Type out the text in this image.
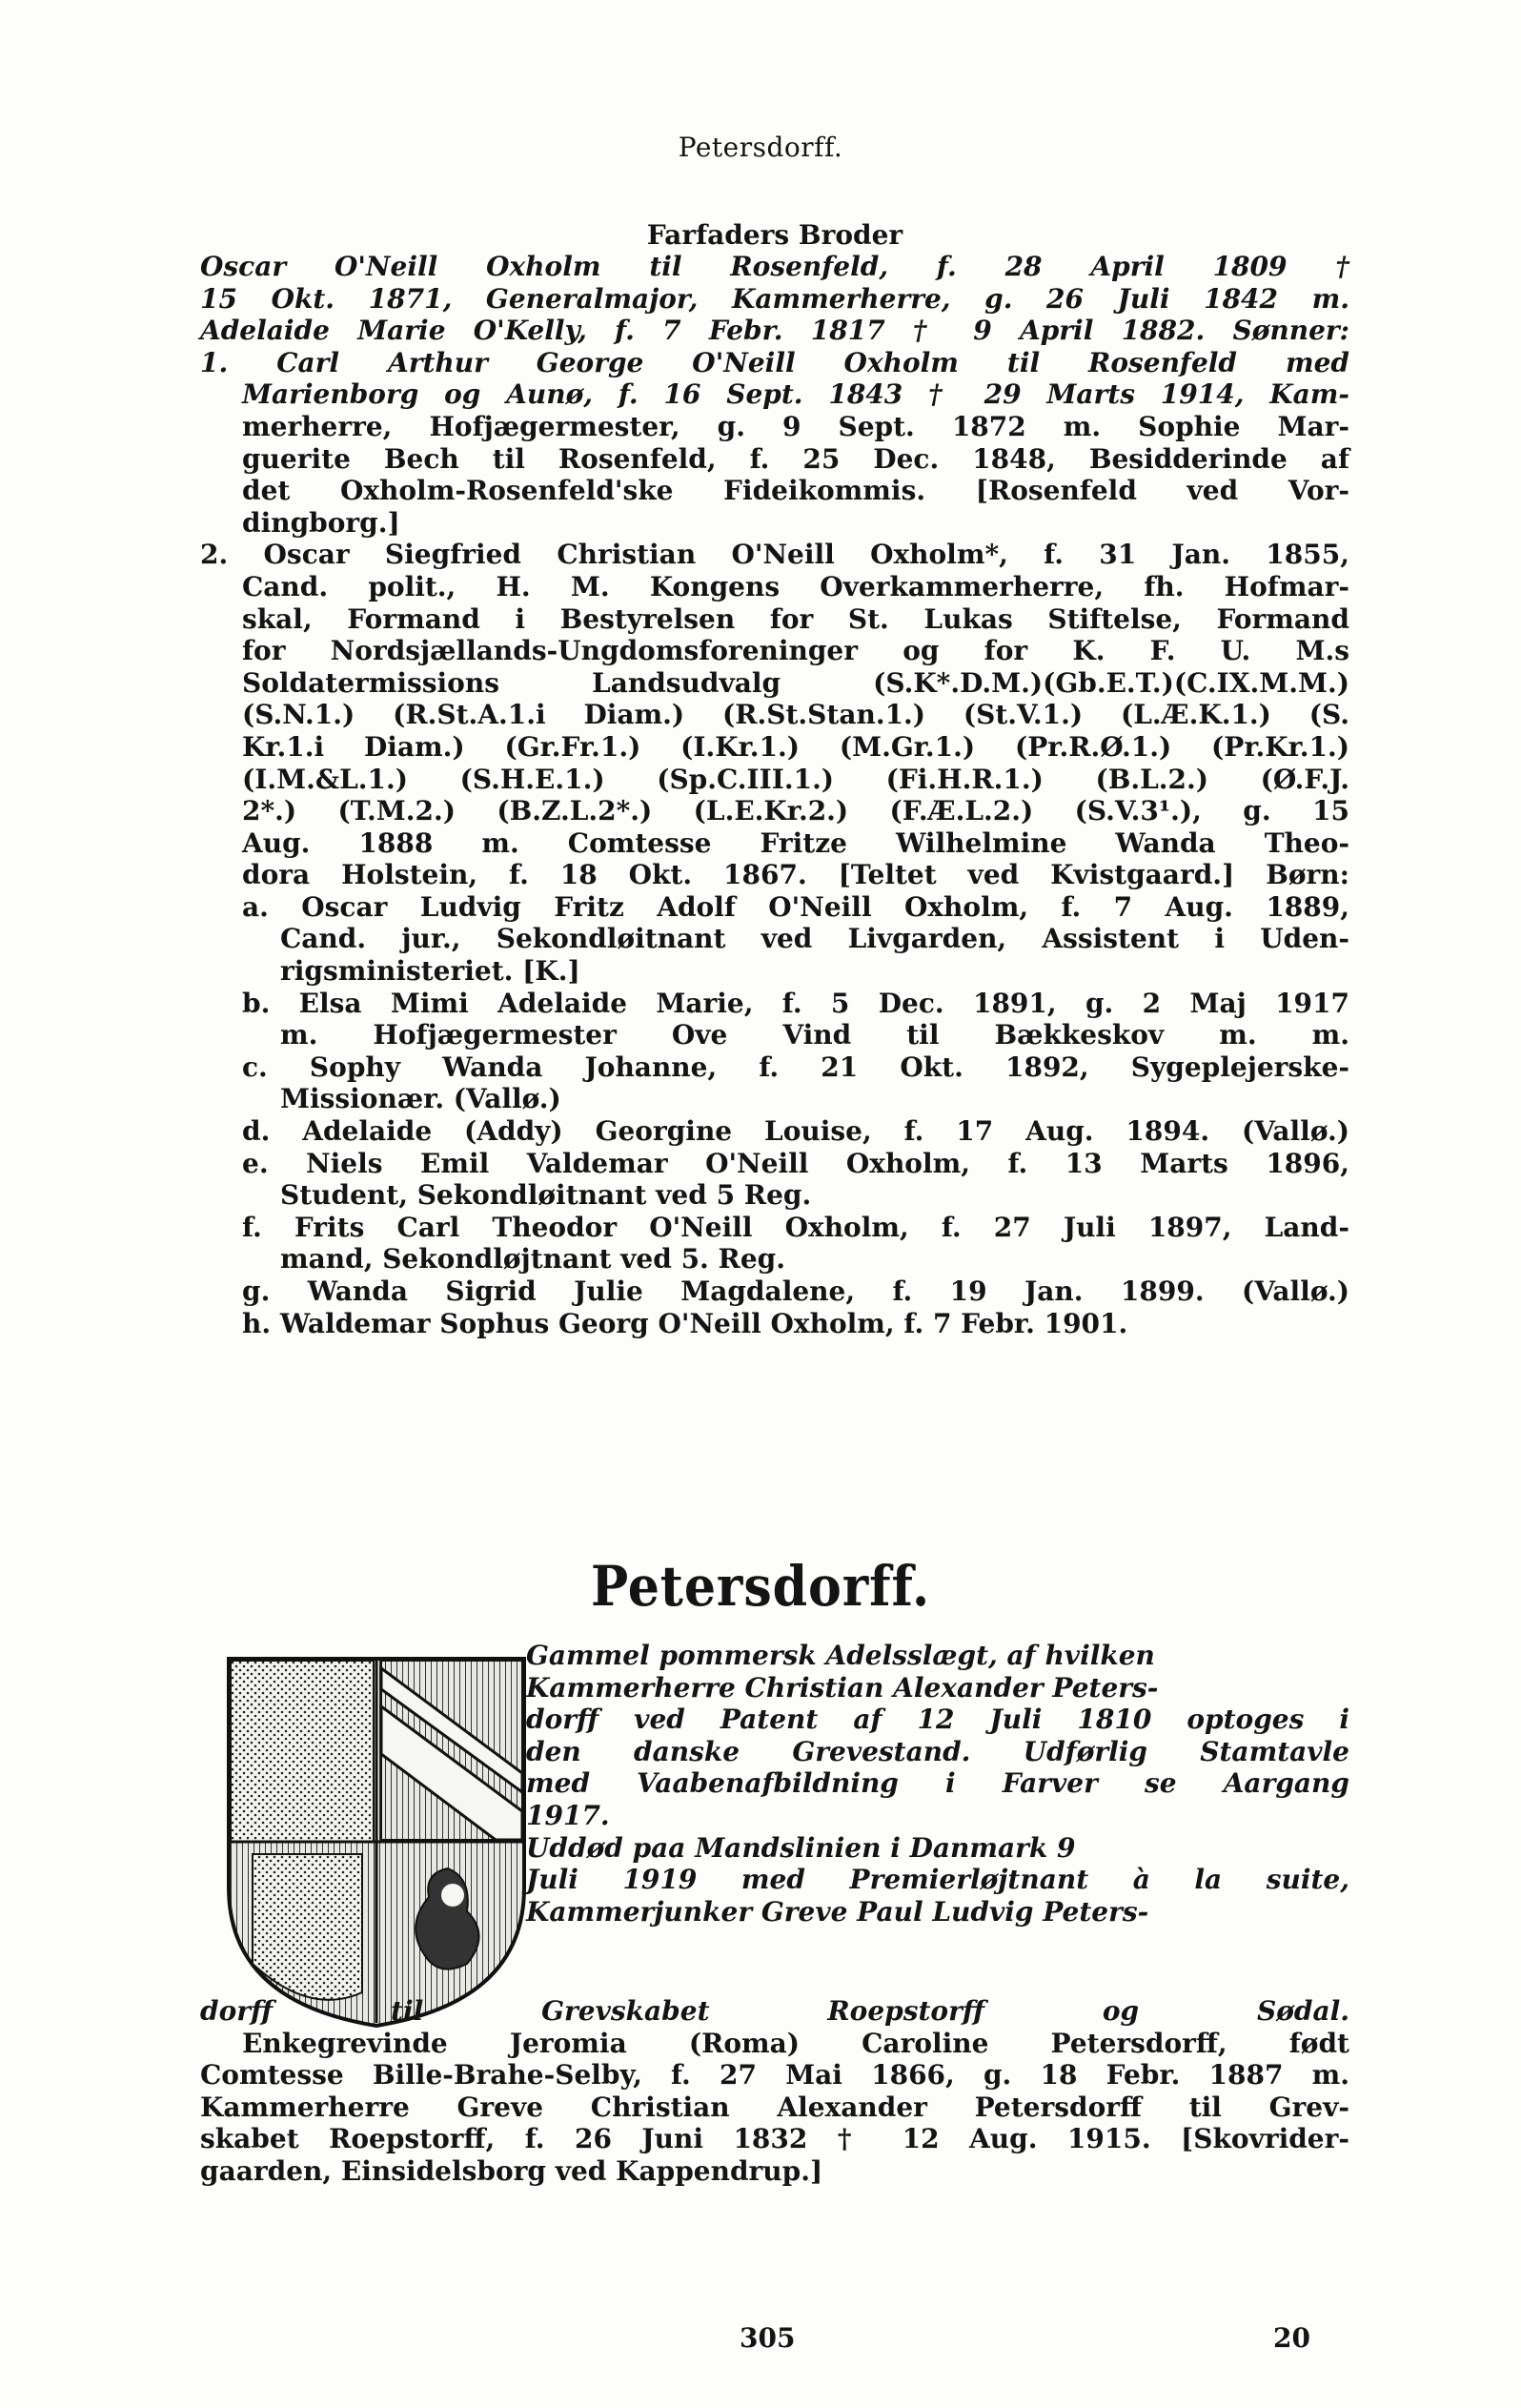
Petersdorff.
Farfaders Broder
Oscar O'Neill Oxholm til Rosenfeld, f. 28 April 1809 †
15 Okt. 1871, Generalmajor, Kammerherre, g. 26 Juli 1842 m.
Adelaide Marie O'Kelly, f. 7 Febr. 1817 † 9 April 1882. Sønner:
1. Carl Arthur George O'Neill Oxholm til Rosenfeld med
Marienborg og Aunø, f. 16 Sept. 1843 † 29 Marts 1914, Kam-
merherre, Hofjægermester, g. 9 Sept. 1872 m. Sophie Mar-
guerite Bech til Rosenfeld, f. 25 Dec. 1848, Besidderinde af
det Oxholm-Rosenfeld'ske Fideikommis. [Rosenfeld ved Vor-
dingborg.]
2. Oscar Siegfried Christian O'Neill Oxholm*, f. 31 Jan. 1855,
Cand. polit., H. M. Kongens Overkammerherre, fh. Hofmar-
skal, Formand i Bestyrelsen for St. Lukas Stiftelse, Formand
for Nordsjællands-Ungdomsforeninger og for K. F. U. M.s
Soldatermissions Landsudvalg (S.K*.D.M.)(Gb.E.T.)(C.IX.M.M.)
(S.N.1.) (R.St.A.1.i Diam.) (R.St.Stan.1.) (St.V.1.) (L.Æ.K.1.) (S.
Kr.1.i Diam.) (Gr.Fr.1.) (I.Kr.1.) (M.Gr.1.) (Pr.R.Ø.1.) (Pr.Kr.1.)
(I.M.&L.1.) (S.H.E.1.) (Sp.C.III.1.) (Fi.H.R.1.) (B.L.2.) (Ø.F.J.
2*.) (T.M.2.) (B.Z.L.2*.) (L.E.Kr.2.) (F.Æ.L.2.) (S.V.3¹.), g. 15
Aug. 1888 m. Comtesse Fritze Wilhelmine Wanda Theo-
dora Holstein, f. 18 Okt. 1867. [Teltet ved Kvistgaard.] Børn:
a. Oscar Ludvig Fritz Adolf O'Neill Oxholm, f. 7 Aug. 1889,
Cand. jur., Sekondløitnant ved Livgarden, Assistent i Uden-
rigsministeriet. [K.]
b. Elsa Mimi Adelaide Marie, f. 5 Dec. 1891, g. 2 Maj 1917
m. Hofjægermester Ove Vind til Bækkeskov m. m.
c. Sophy Wanda Johanne, f. 21 Okt. 1892, Sygeplejerske-
Missionær. (Vallø.)
d. Adelaide (Addy) Georgine Louise, f. 17 Aug. 1894. (Vallø.)
e. Niels Emil Valdemar O'Neill Oxholm, f. 13 Marts 1896,
Student, Sekondløitnant ved 5 Reg.
f. Frits Carl Theodor O'Neill Oxholm, f. 27 Juli 1897, Land-
mand, Sekondløjtnant ved 5. Reg.
g. Wanda Sigrid Julie Magdalene, f. 19 Jan. 1899. (Vallø.)
h. Waldemar Sophus Georg O'Neill Oxholm, f. 7 Febr. 1901.
Petersdorff.
Gammel pommersk Adelsslægt, af hvilken
Kammerherre Christian Alexander Peters-
dorff ved Patent af 12 Juli 1810 optoges i
den danske Grevestand. Udførlig Stamtavle
med Vaabenafbildning i Farver se Aargang
1917.
Uddød paa Mandslinien i Danmark 9
Juli 1919 med Premierløjtnant à la suite,
Kammerjunker Greve Paul Ludvig Peters-
dorff til Grevskabet Roepstorff og Sødal.
Enkegrevinde Jeromia (Roma) Caroline Petersdorff, født
Comtesse Bille-Brahe-Selby, f. 27 Mai 1866, g. 18 Febr. 1887 m.
Kammerherre Greve Christian Alexander Petersdorff til Grev-
skabet Roepstorff, f. 26 Juni 1832 † 12 Aug. 1915. [Skovrider-
gaarden, Einsidelsborg ved Kappendrup.]
305	20
